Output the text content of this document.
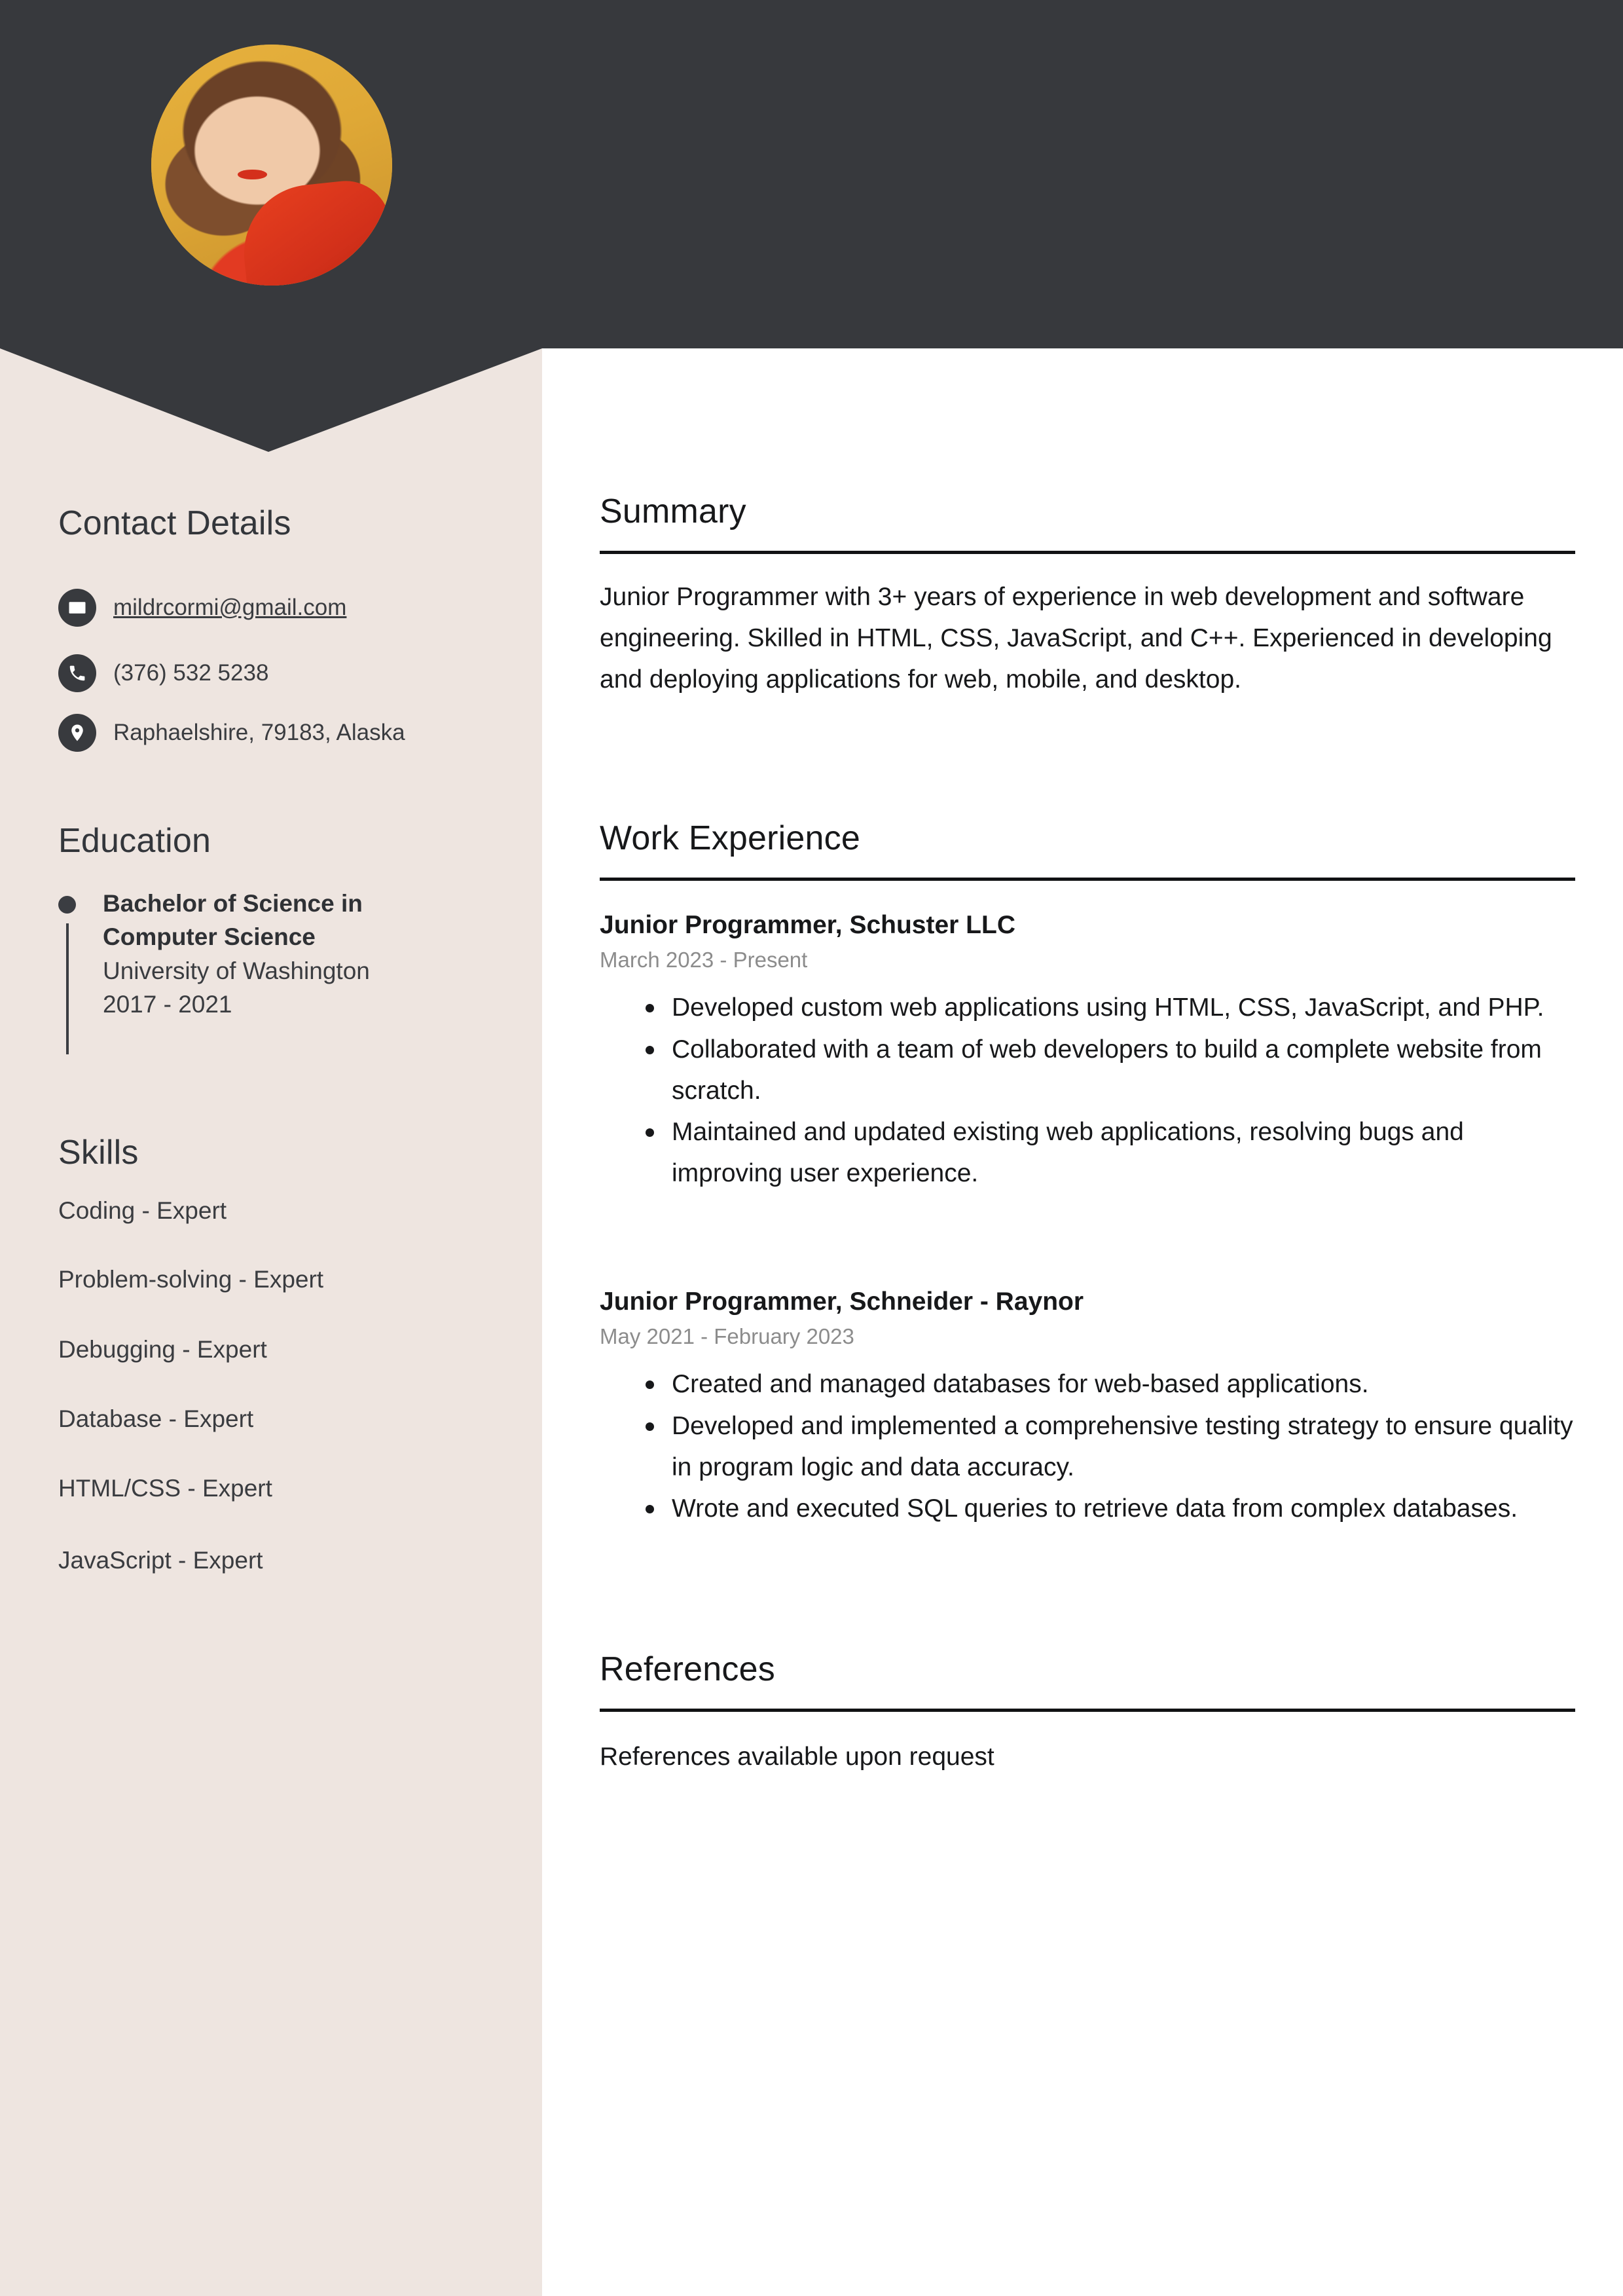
Contact Details
mildrcormi@gmail.com
(376) 532 5238
Raphaelshire, 79183, Alaska
Education
Bachelor of Science in Computer Science
University of Washington
2017 - 2021
Skills
Coding - Expert
Problem-solving - Expert
Debugging - Expert
Database - Expert
HTML/CSS - Expert
JavaScript - Expert
Summary
Junior Programmer with 3+ years of experience in web development and software engineering. Skilled in HTML, CSS, JavaScript, and C++. Experienced in developing and deploying applications for web, mobile, and desktop.
Work Experience
Junior Programmer, Schuster LLC
March 2023 - Present
Developed custom web applications using HTML, CSS, JavaScript, and PHP.
Collaborated with a team of web developers to build a complete website from scratch.
Maintained and updated existing web applications, resolving bugs and improving user experience.
Junior Programmer, Schneider - Raynor
May 2021 - February 2023
Created and managed databases for web-based applications.
Developed and implemented a comprehensive testing strategy to ensure quality in program logic and data accuracy.
Wrote and executed SQL queries to retrieve data from complex databases.
References
References available upon request
